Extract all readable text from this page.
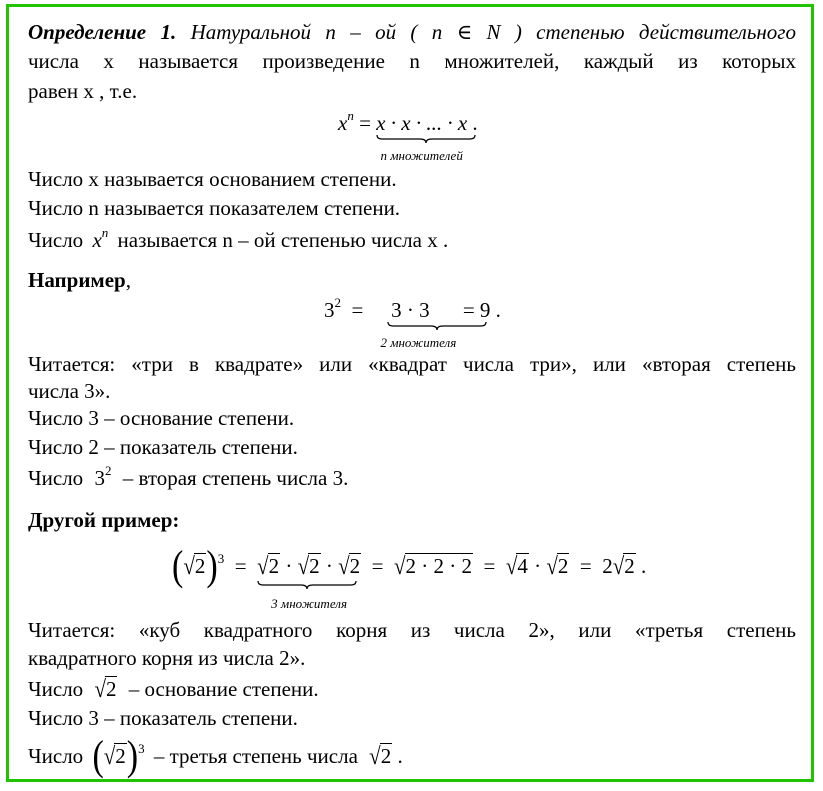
Определение 1. Натуральной n – ой ( n ∈ N ) степенью действительного
числа x называется произведение n множителей, каждый из которых
равен x , т.е.
$x^n = x \cdot x$ · ... · x
n множителей
.
Число x называется основанием степени.
Число n называется показателем степени.
Число $x^n$ называется n – ой степенью числа x .
Например,
$3^2 = 3 \cdot 3$
2 множителя
= 9 .
Читается: «три в квадрате» или «квадрат числа три», или «вторая степень
числа 3».
Число 3 – основание степени.
Число 2 – показатель степени.
Число $3^2$ – вторая степень числа 3.
Другой пример:
$(√2)^3 = √2 \cdot √2 \cdot √2$
3 множителя
=  √2 · 2 · 2  =  √4 · √2  =  2√2 .
Читается: «куб квадратного корня из числа 2», или «третья степень
квадратного корня из числа 2».
Число √2 – основание степени.
Число 3 – показатель степени.
Число $(√2)^3$ – третья степень числа √2 .
